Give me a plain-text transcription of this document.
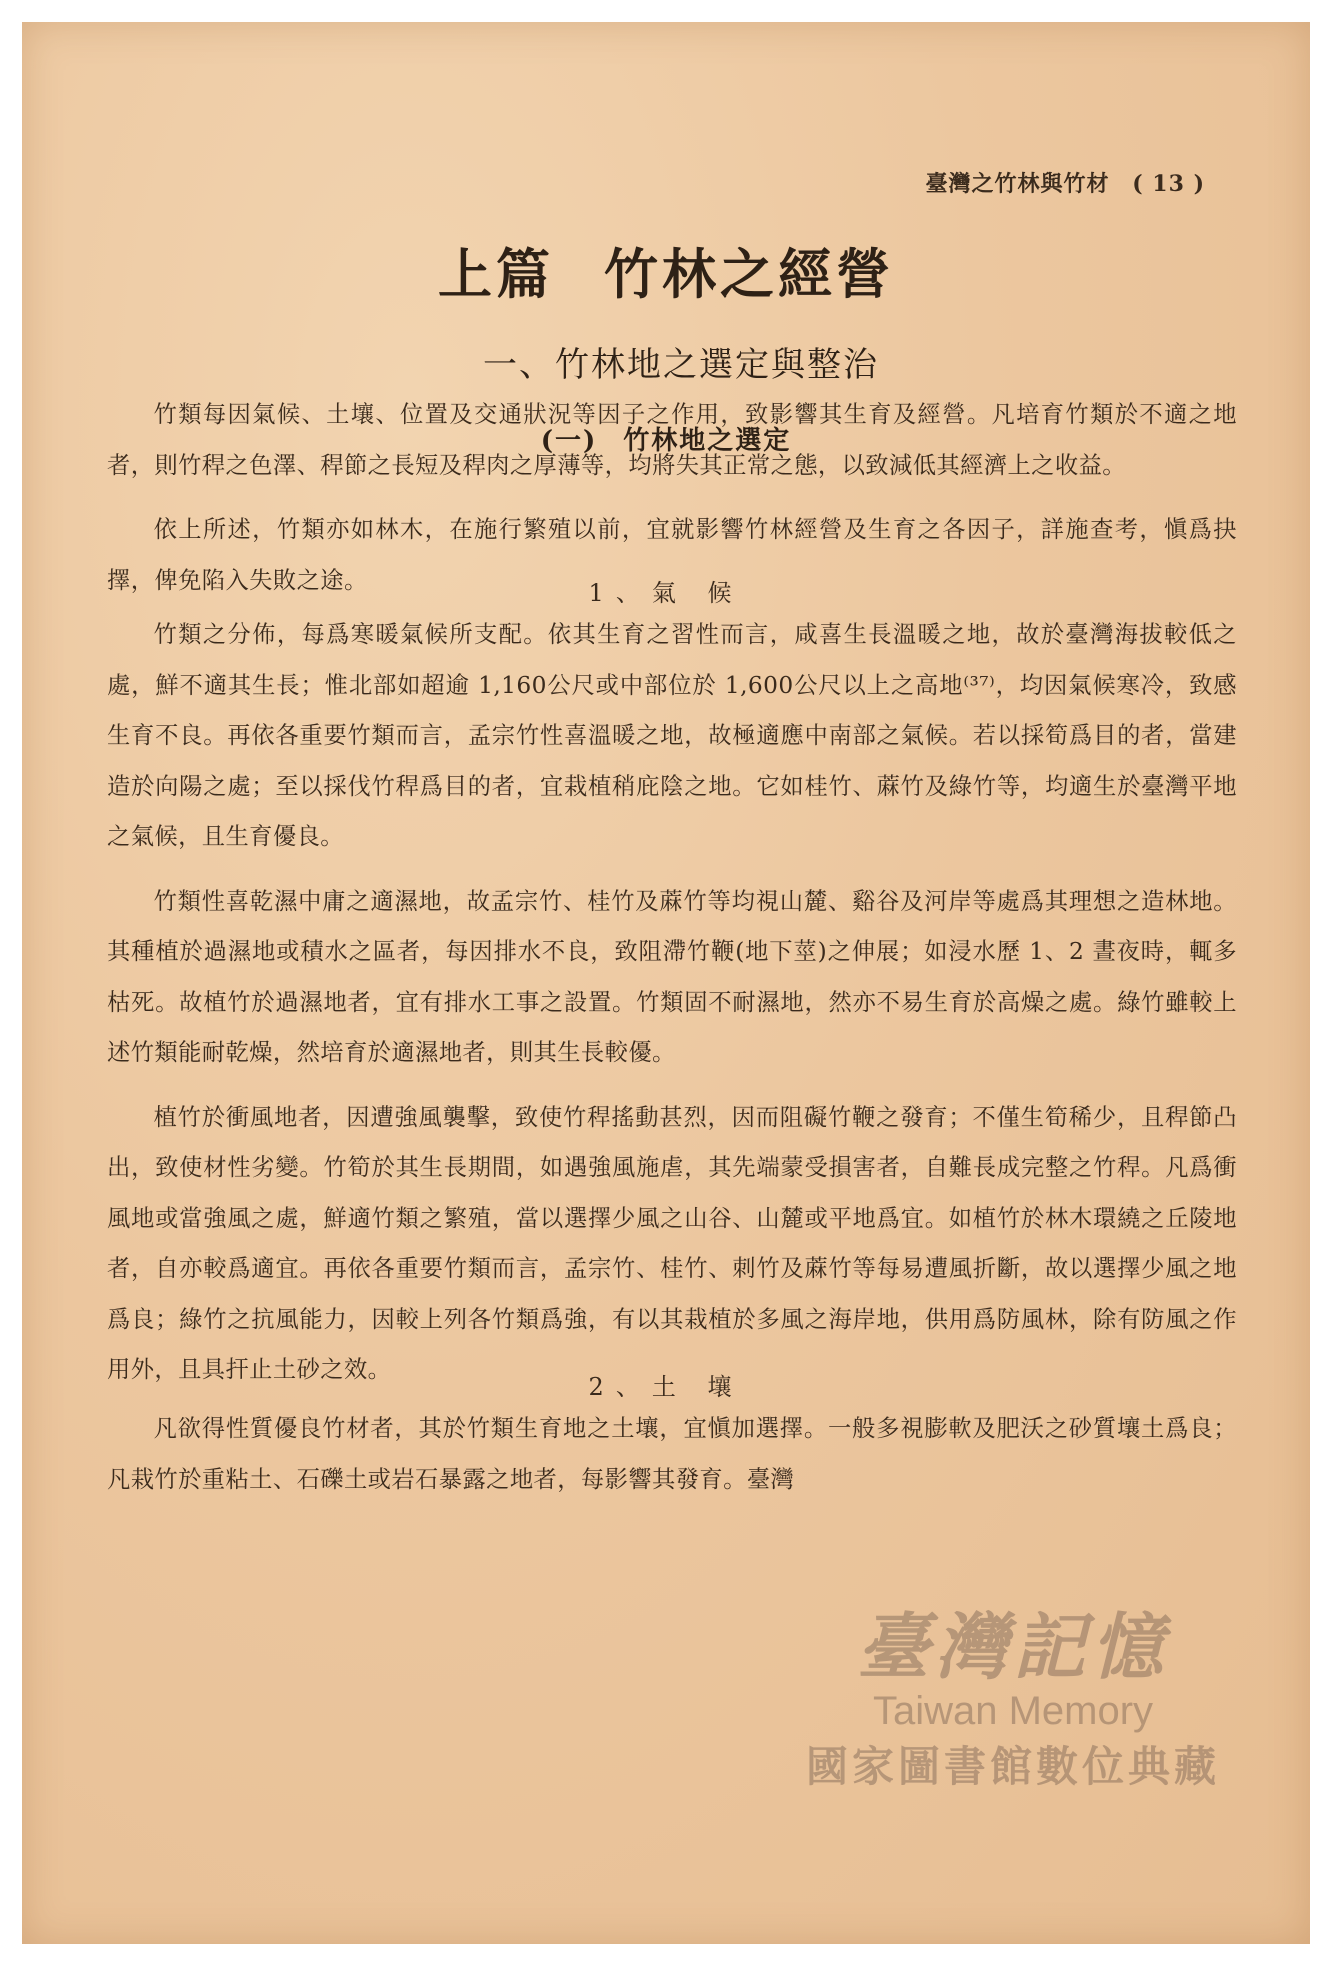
臺灣之竹林與竹材 ( 13 )
上篇 竹林之經營
一、竹林地之選定與整治
(一) 竹林地之選定

竹類每因氣候、土壤、位置及交通狀況等因子之作用，致影響其生育及經營。凡培育竹類於不適之地者，則竹稈之色澤、稈節之長短及稈肉之厚薄等，均將失其正常之態，以致減低其經濟上之收益。

依上所述，竹類亦如林木，在施行繁殖以前，宜就影響竹林經營及生育之各因子，詳施查考，愼爲抉擇，俾免陷入失敗之途。	1、氣 候

竹類之分佈，每爲寒暖氣候所支配。依其生育之習性而言，咸喜生長溫暖之地，故於臺灣海拔較低之處，鮮不適其生長；惟北部如超逾 1,160公尺或中部位於 1,600公尺以上之高地⁽³⁷⁾，均因氣候寒冷，致感生育不良。再依各重要竹類而言，孟宗竹性喜溫暖之地，故極適應中南部之氣候。若以採筍爲目的者，當建造於向陽之處；至以採伐竹稈爲目的者，宜栽植稍庇陰之地。它如桂竹、蔴竹及綠竹等，均適生於臺灣平地之氣候，且生育優良。

竹類性喜乾濕中庸之適濕地，故孟宗竹、桂竹及蔴竹等均視山麓、谿谷及河岸等處爲其理想之造林地。其種植於過濕地或積水之區者，每因排水不良，致阻滯竹鞭(地下莖)之伸展；如浸水歷 1、2 晝夜時，輒多枯死。故植竹於過濕地者，宜有排水工事之設置。竹類固不耐濕地，然亦不易生育於高燥之處。綠竹雖較上述竹類能耐乾燥，然培育於適濕地者，則其生長較優。

植竹於衝風地者，因遭強風襲擊，致使竹稈搖動甚烈，因而阻礙竹鞭之發育；不僅生筍稀少，且稈節凸出，致使材性劣變。竹筍於其生長期間，如遇強風施虐，其先端蒙受損害者，自難長成完整之竹稈。凡爲衝風地或當強風之處，鮮適竹類之繁殖，當以選擇少風之山谷、山麓或平地爲宜。如植竹於林木環繞之丘陵地者，自亦較爲適宜。再依各重要竹類而言，孟宗竹、桂竹、刺竹及蔴竹等每易遭風折斷，故以選擇少風之地爲良；綠竹之抗風能力，因較上列各竹類爲強，有以其栽植於多風之海岸地，供用爲防風林，除有防風之作用外，且具扞止土砂之效。

2、土 壤

凡欲得性質優良竹材者，其於竹類生育地之土壤，宜愼加選擇。一般多視膨軟及肥沃之砂質壤土爲良；凡栽竹於重粘土、石礫土或岩石暴露之地者，每影響其發育。臺灣

臺灣記憶
Taiwan Memory
國家圖書館數位典藏
